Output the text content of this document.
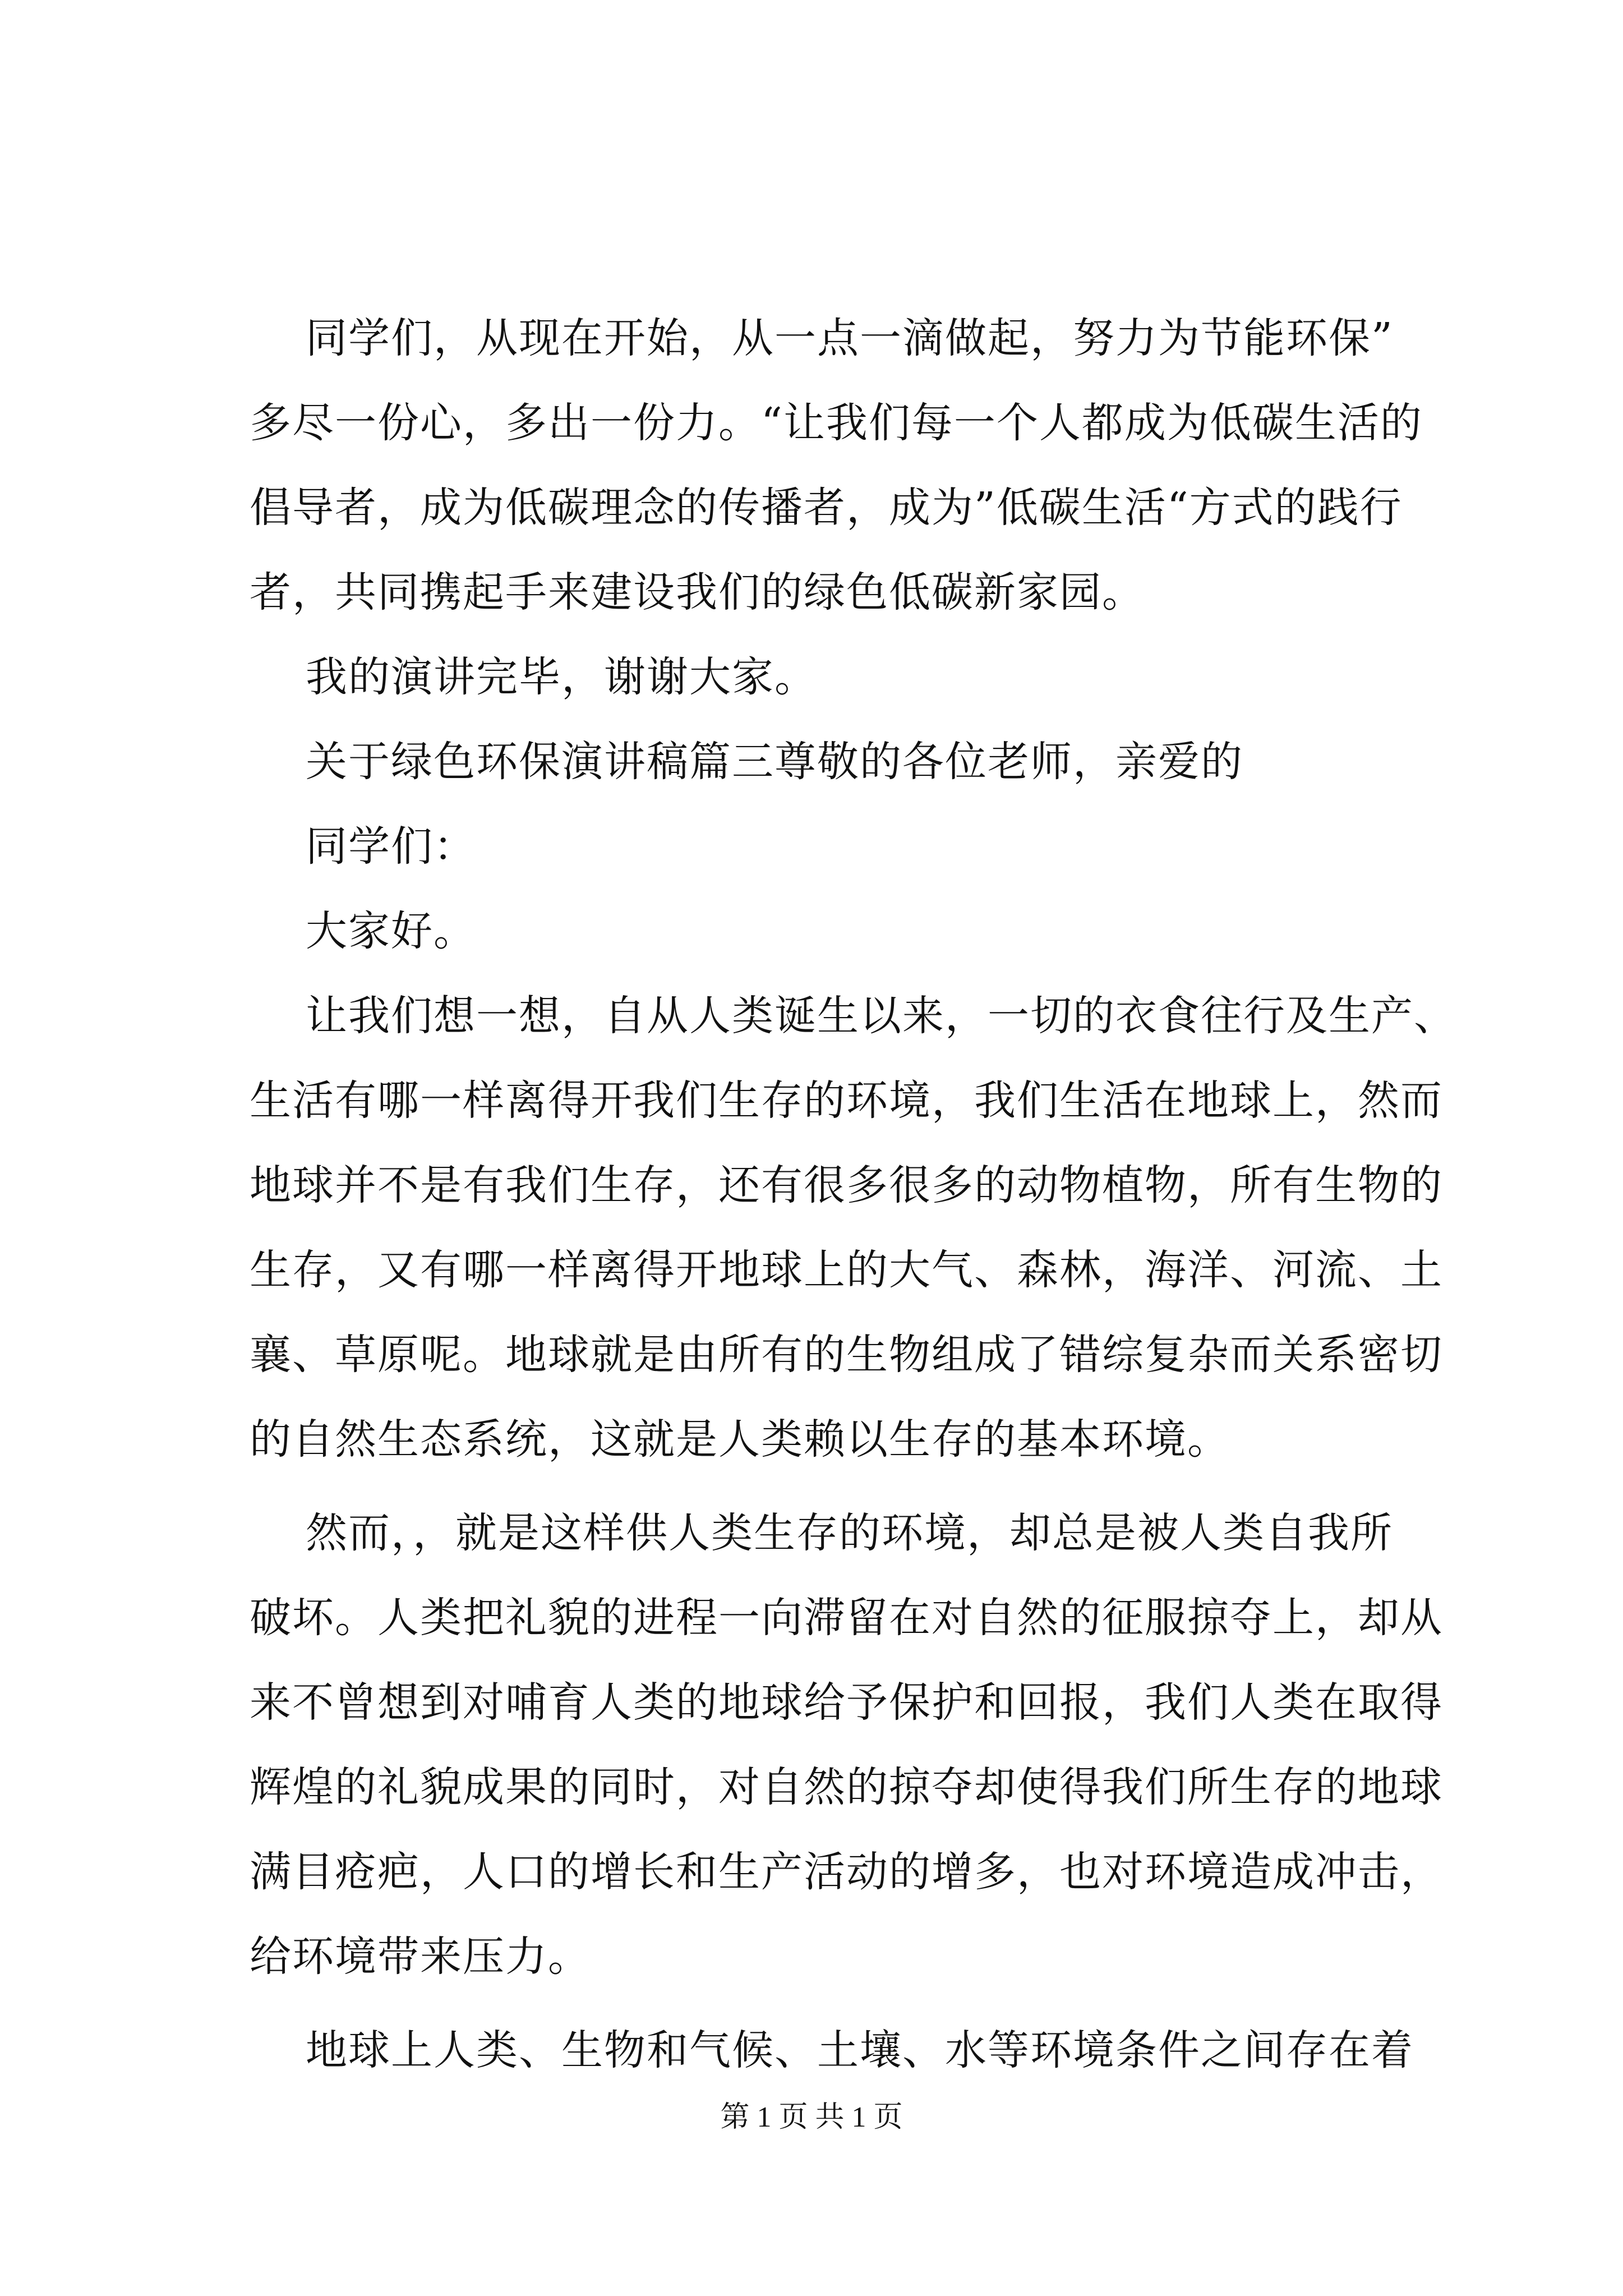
同学们，从现在开始，从一点一滴做起，努力为节能环保”
多尽一份心，多出一份力。“让我们每一个人都成为低碳生活的
倡导者，成为低碳理念的传播者，成为”低碳生活“方式的践行
者，共同携起手来建设我们的绿色低碳新家园。
我的演讲完毕，谢谢大家。
关于绿色环保演讲稿篇三尊敬的各位老师，亲爱的
同学们：
大家好。
让我们想一想，自从人类诞生以来，一切的衣食往行及生产、
生活有哪一样离得开我们生存的环境，我们生活在地球上，然而
地球并不是有我们生存，还有很多很多的动物植物，所有生物的
生存，又有哪一样离得开地球上的大气、森林，海洋、河流、土
襄、草原呢。地球就是由所有的生物组成了错综复杂而关系密切
的自然生态系统，这就是人类赖以生存的基本环境。
然而，，就是这样供人类生存的环境，却总是被人类自我所
破坏。人类把礼貌的进程一向滞留在对自然的征服掠夺上，却从
来不曾想到对哺育人类的地球给予保护和回报，我们人类在取得
辉煌的礼貌成果的同时，对自然的掠夺却使得我们所生存的地球
满目疮疤，人口的增长和生产活动的增多，也对环境造成冲击，
给环境带来压力。
地球上人类、生物和气候、土壤、水等环境条件之间存在着
第 1 页 共 1 页
